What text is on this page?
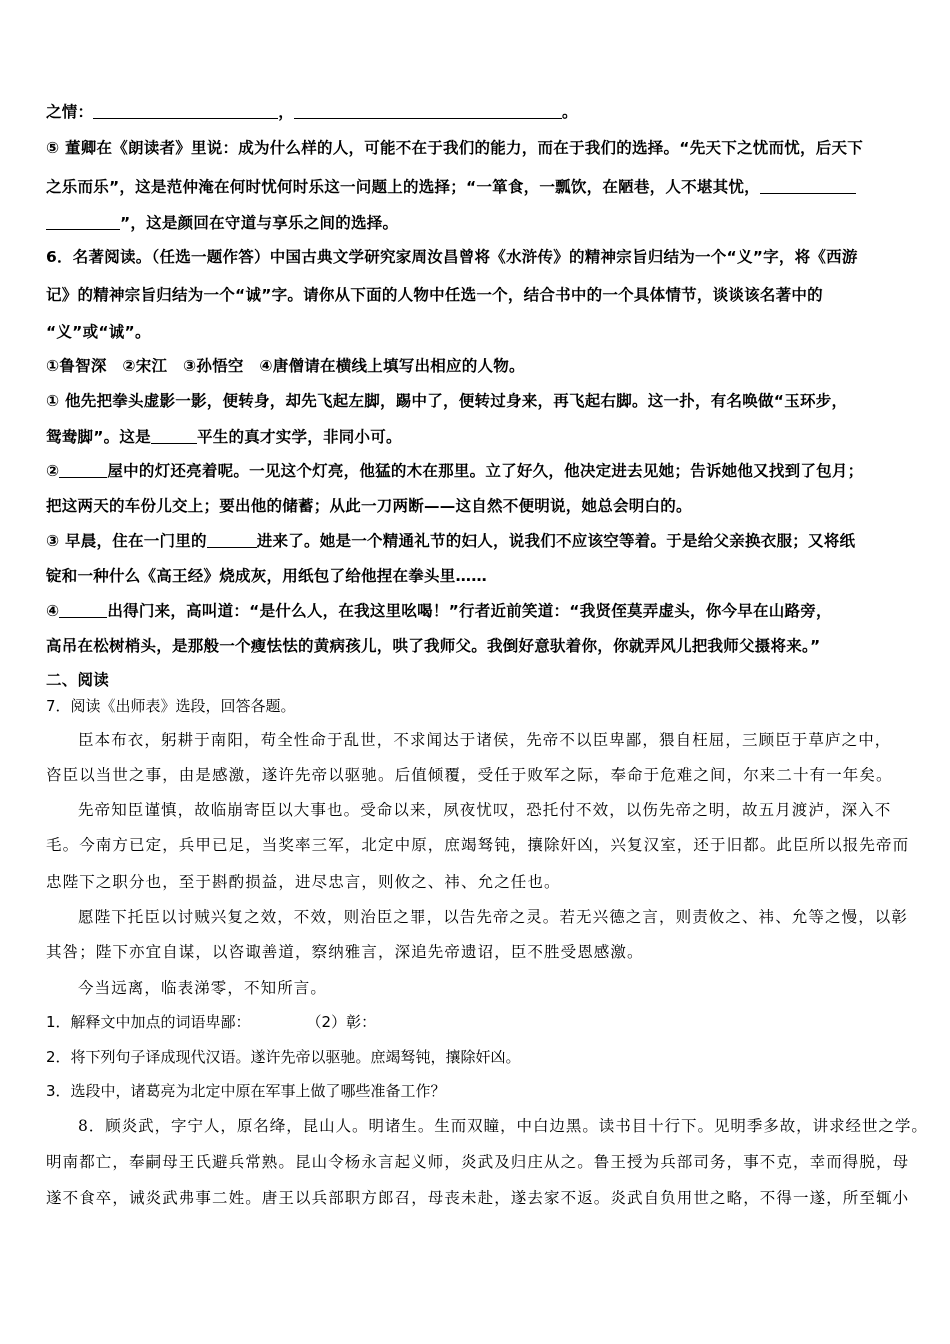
之情：	，	。
⑤ 董卿在《朗读者》里说：成为什么样的人，可能不在于我们的能力，而在于我们的选择。“先天下之忧而忧，后天下
之乐而乐”，这是范仲淹在何时忧何时乐这一问题上的选择；“一箪食，一瓢饮，在陋巷，人不堪其忧，
”，这是颜回在守道与享乐之间的选择。
6．名著阅读。（任选一题作答）中国古典文学研究家周汝昌曾将《水浒传》的精神宗旨归结为一个“义”字，将《西游
记》的精神宗旨归结为一个“诚”字。请你从下面的人物中任选一个，结合书中的一个具体情节，谈谈该名著中的
“义”或“诚”。
①鲁智深　②宋江　③孙悟空　④唐僧请在横线上填写出相应的人物。
① 他先把拳头虚影一影，便转身，却先飞起左脚，踢中了，便转过身来，再飞起右脚。这一扑，有名唤做“玉环步，
鸳鸯脚”。这是	平生的真才实学，非同小可。
②	屋中的灯还亮着呢。一见这个灯亮，他猛的木在那里。立了好久，他决定进去见她；告诉她他又找到了包月；
把这两天的车份儿交上；要出他的储蓄；从此一刀两断——这自然不便明说，她总会明白的。
③ 早晨，住在一门里的	进来了。她是一个精通礼节的妇人，说我们不应该空等着。于是给父亲换衣服；又将纸
锭和一种什么《高王经》烧成灰，用纸包了给他捏在拳头里……
④	出得门来，高叫道：“是什么人，在我这里吆喝！”行者近前笑道：“我贤侄莫弄虚头，你今早在山路旁，
高吊在松树梢头，是那般一个瘦怯怯的黄病孩儿，哄了我师父。我倒好意驮着你，你就弄风儿把我师父摄将来。”
二、阅读
7．阅读《出师表》选段，回答各题。
臣本布衣，躬耕于南阳，苟全性命于乱世，不求闻达于诸侯，先帝不以臣卑鄙，猥自枉屈，三顾臣于草庐之中，
咨臣以当世之事，由是感激，遂许先帝以驱驰。后值倾覆，受任于败军之际，奉命于危难之间，尔来二十有一年矣。
先帝知臣谨慎，故临崩寄臣以大事也。受命以来，夙夜忧叹，恐托付不效，以伤先帝之明，故五月渡泸，深入不
毛。今南方已定，兵甲已足，当奖率三军，北定中原，庶竭驽钝，攘除奸凶，兴复汉室，还于旧都。此臣所以报先帝而
忠陛下之职分也，至于斟酌损益，进尽忠言，则攸之、祎、允之任也。
愿陛下托臣以讨贼兴复之效，不效，则治臣之罪，以告先帝之灵。若无兴德之言，则责攸之、祎、允等之慢，以彰
其咎；陛下亦宜自谋，以咨诹善道，察纳雅言，深追先帝遗诏，臣不胜受恩感激。
今当远离，临表涕零，不知所言。
1．解释文中加点的词语卑鄙：	（2）彰：
2．将下列句子译成现代汉语。遂许先帝以驱驰。庶竭驽钝，攘除奸凶。
3．选段中，诸葛亮为北定中原在军事上做了哪些准备工作？
8．顾炎武，字宁人，原名绛，昆山人。明诸生。生而双瞳，中白边黑。读书目十行下。见明季多故，讲求经世之学。
明南都亡，奉嗣母王氏避兵常熟。昆山令杨永言起义师，炎武及归庄从之。鲁王授为兵部司务，事不克，幸而得脱，母
遂不食卒，诫炎武弗事二姓。唐王以兵部职方郎召，母丧未赴，遂去家不返。炎武自负用世之略，不得一遂，所至辄小
